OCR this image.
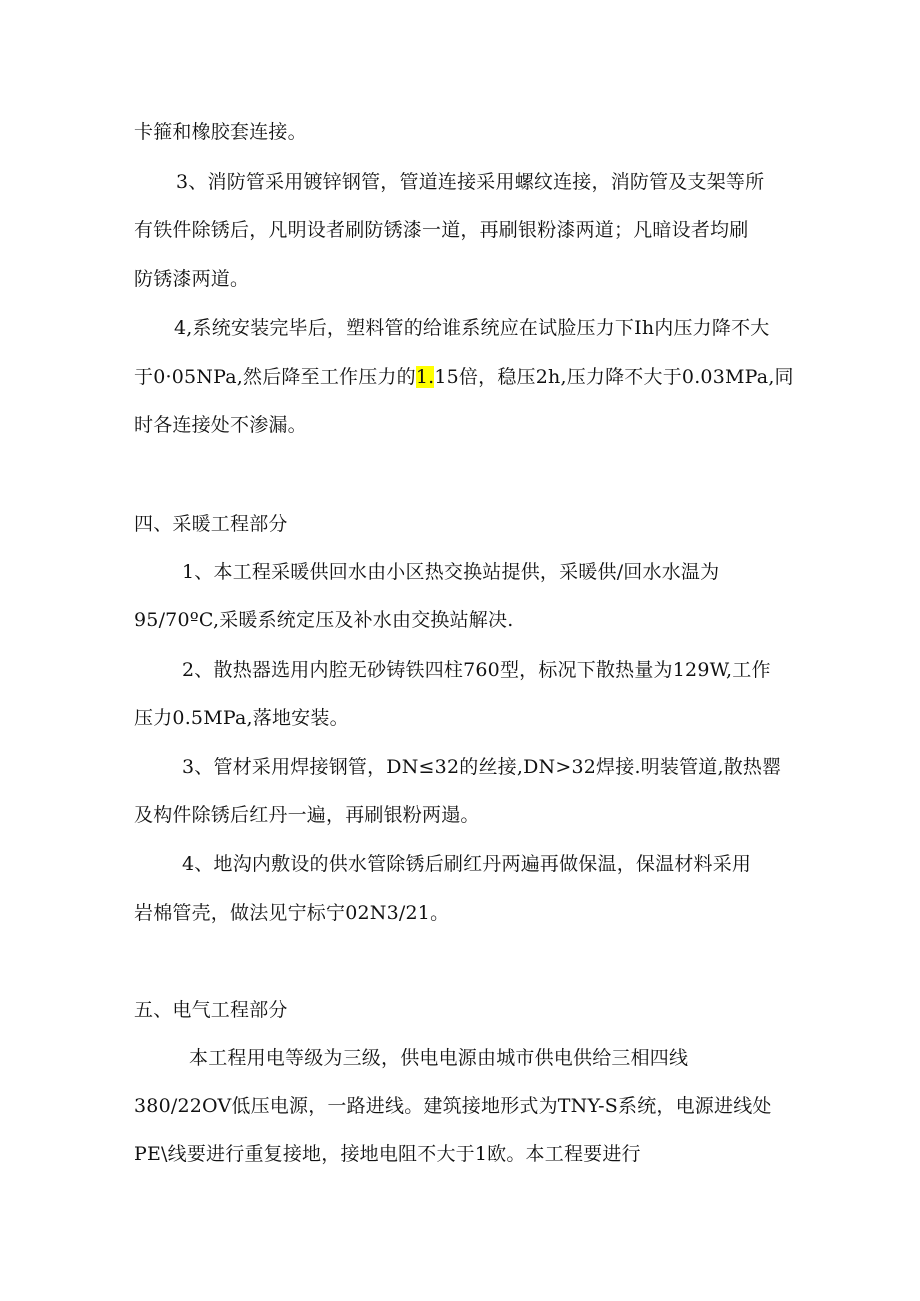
卡箍和橡胶套连接。
3、消防管采用镀锌钢管，管道连接采用螺纹连接，消防管及支架等所
有铁件除锈后，凡明设者刷防锈漆一道，再刷银粉漆两道；凡暗设者均刷
防锈漆两道。
4,系统安装完毕后，塑料管的给谁系统应在试脸压力下Ih内压力降不大
于0·05NPa,然后降至工作压力的1.15倍，稳压2h,压力降不大于0.03MPa,同
时各连接处不渗漏。
四、采暖工程部分
1、本工程采暖供回水由小区热交换站提供，采暖供/回水水温为
95/70ºC,采暖系统定压及补水由交换站解决.
2、散热器选用内腔无砂铸铁四柱760型，标况下散热量为129W,工作
压力0.5MPa,落地安装。
3、管材采用焊接钢管，DN≤32的丝接,DN>32焊接.明装管道,散热罂
及构件除锈后红丹一遍，再刷银粉两遢。
4、地沟内敷设的供水管除锈后刷红丹两遍再做保温，保温材料采用
岩棉管壳，做法见宁标宁02N3/21。
五、电气工程部分
本工程用电等级为三级，供电电源由城市供电供给三相四线
380/22OV低压电源，一路进线。建筑接地形式为TNY-S系统，电源进线处
PE\线要进行重复接地，接地电阻不大于1欧。本工程要进行
